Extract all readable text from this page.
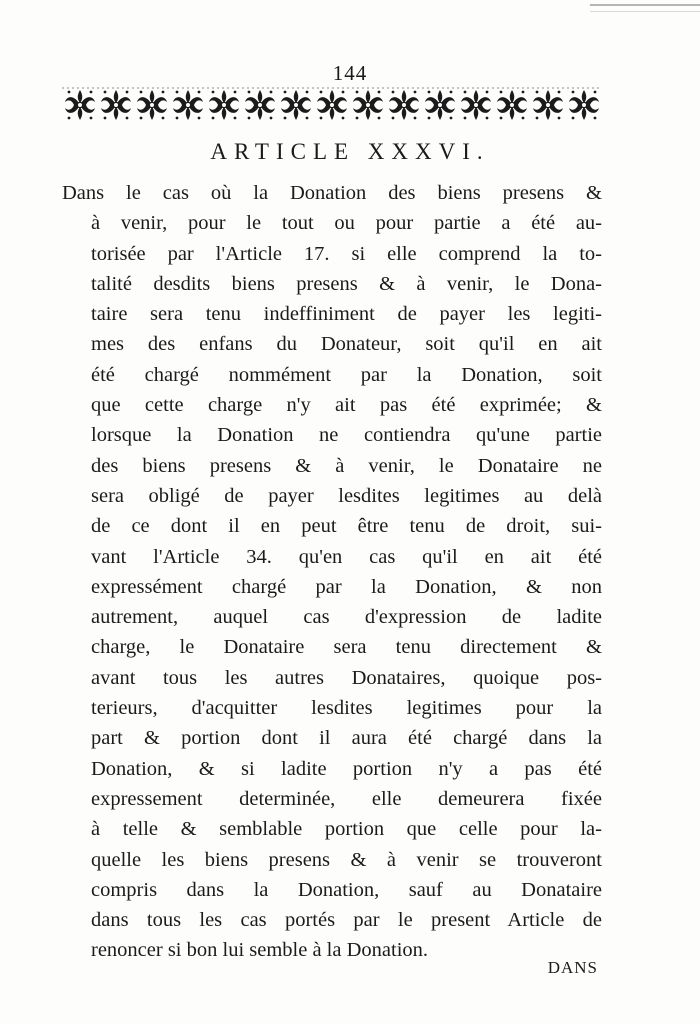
144
ARTICLE XXXVI.
Dans le cas où la Donation des biens presens &
à venir, pour le tout ou pour partie a été au-
torisée par l'Article 17. si elle comprend la to-
talité desdits biens presens & à venir, le Dona-
taire sera tenu indeffiniment de payer les legiti-
mes des enfans du Donateur, soit qu'il en ait
été chargé nommément par la Donation, soit
que cette charge n'y ait pas été exprimée; &
lorsque la Donation ne contiendra qu'une partie
des biens presens & à venir, le Donataire ne
sera obligé de payer lesdites legitimes au delà
de ce dont il en peut être tenu de droit, sui-
vant l'Article 34. qu'en cas qu'il en ait été
expressément chargé par la Donation, & non
autrement, auquel cas d'expression de ladite
charge, le Donataire sera tenu directement &
avant tous les autres Donataires, quoique pos-
terieurs, d'acquitter lesdites legitimes pour la
part & portion dont il aura été chargé dans la
Donation, & si ladite portion n'y a pas été
expressement determinée, elle demeurera fixée
à telle & semblable portion que celle pour la-
quelle les biens presens & à venir se trouveront
compris dans la Donation, sauf au Donataire
dans tous les cas portés par le present Article de
renoncer si bon lui semble à la Donation.
DANS
